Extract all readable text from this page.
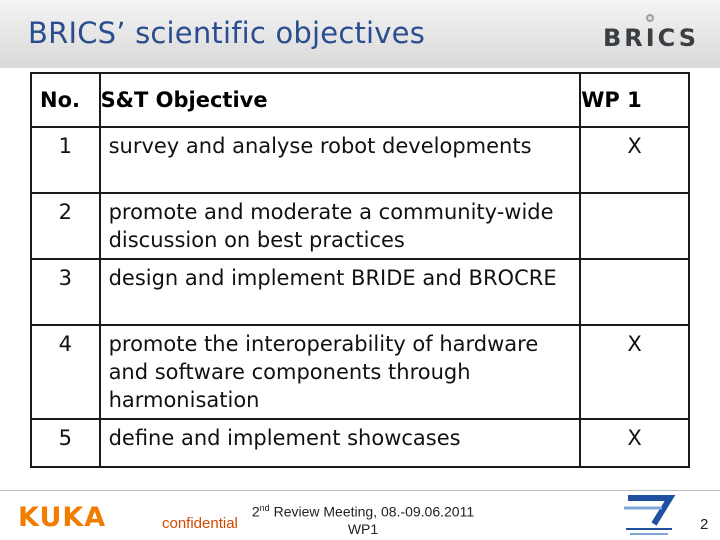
BRICS’ scientific objectives	BRICS
No.	S&T Objective	WP 1
1	survey and analyse robot developments	X
2	promote and moderate a community-wide discussion on best practices	
3	design and implement BRIDE and BROCRE	
4	promote the interoperability of hardware and software components through harmonisation	X
5	define and implement showcases	X
KUKA	confidential
2nd Review Meeting, 08.-09.06.2011
WP1	2
